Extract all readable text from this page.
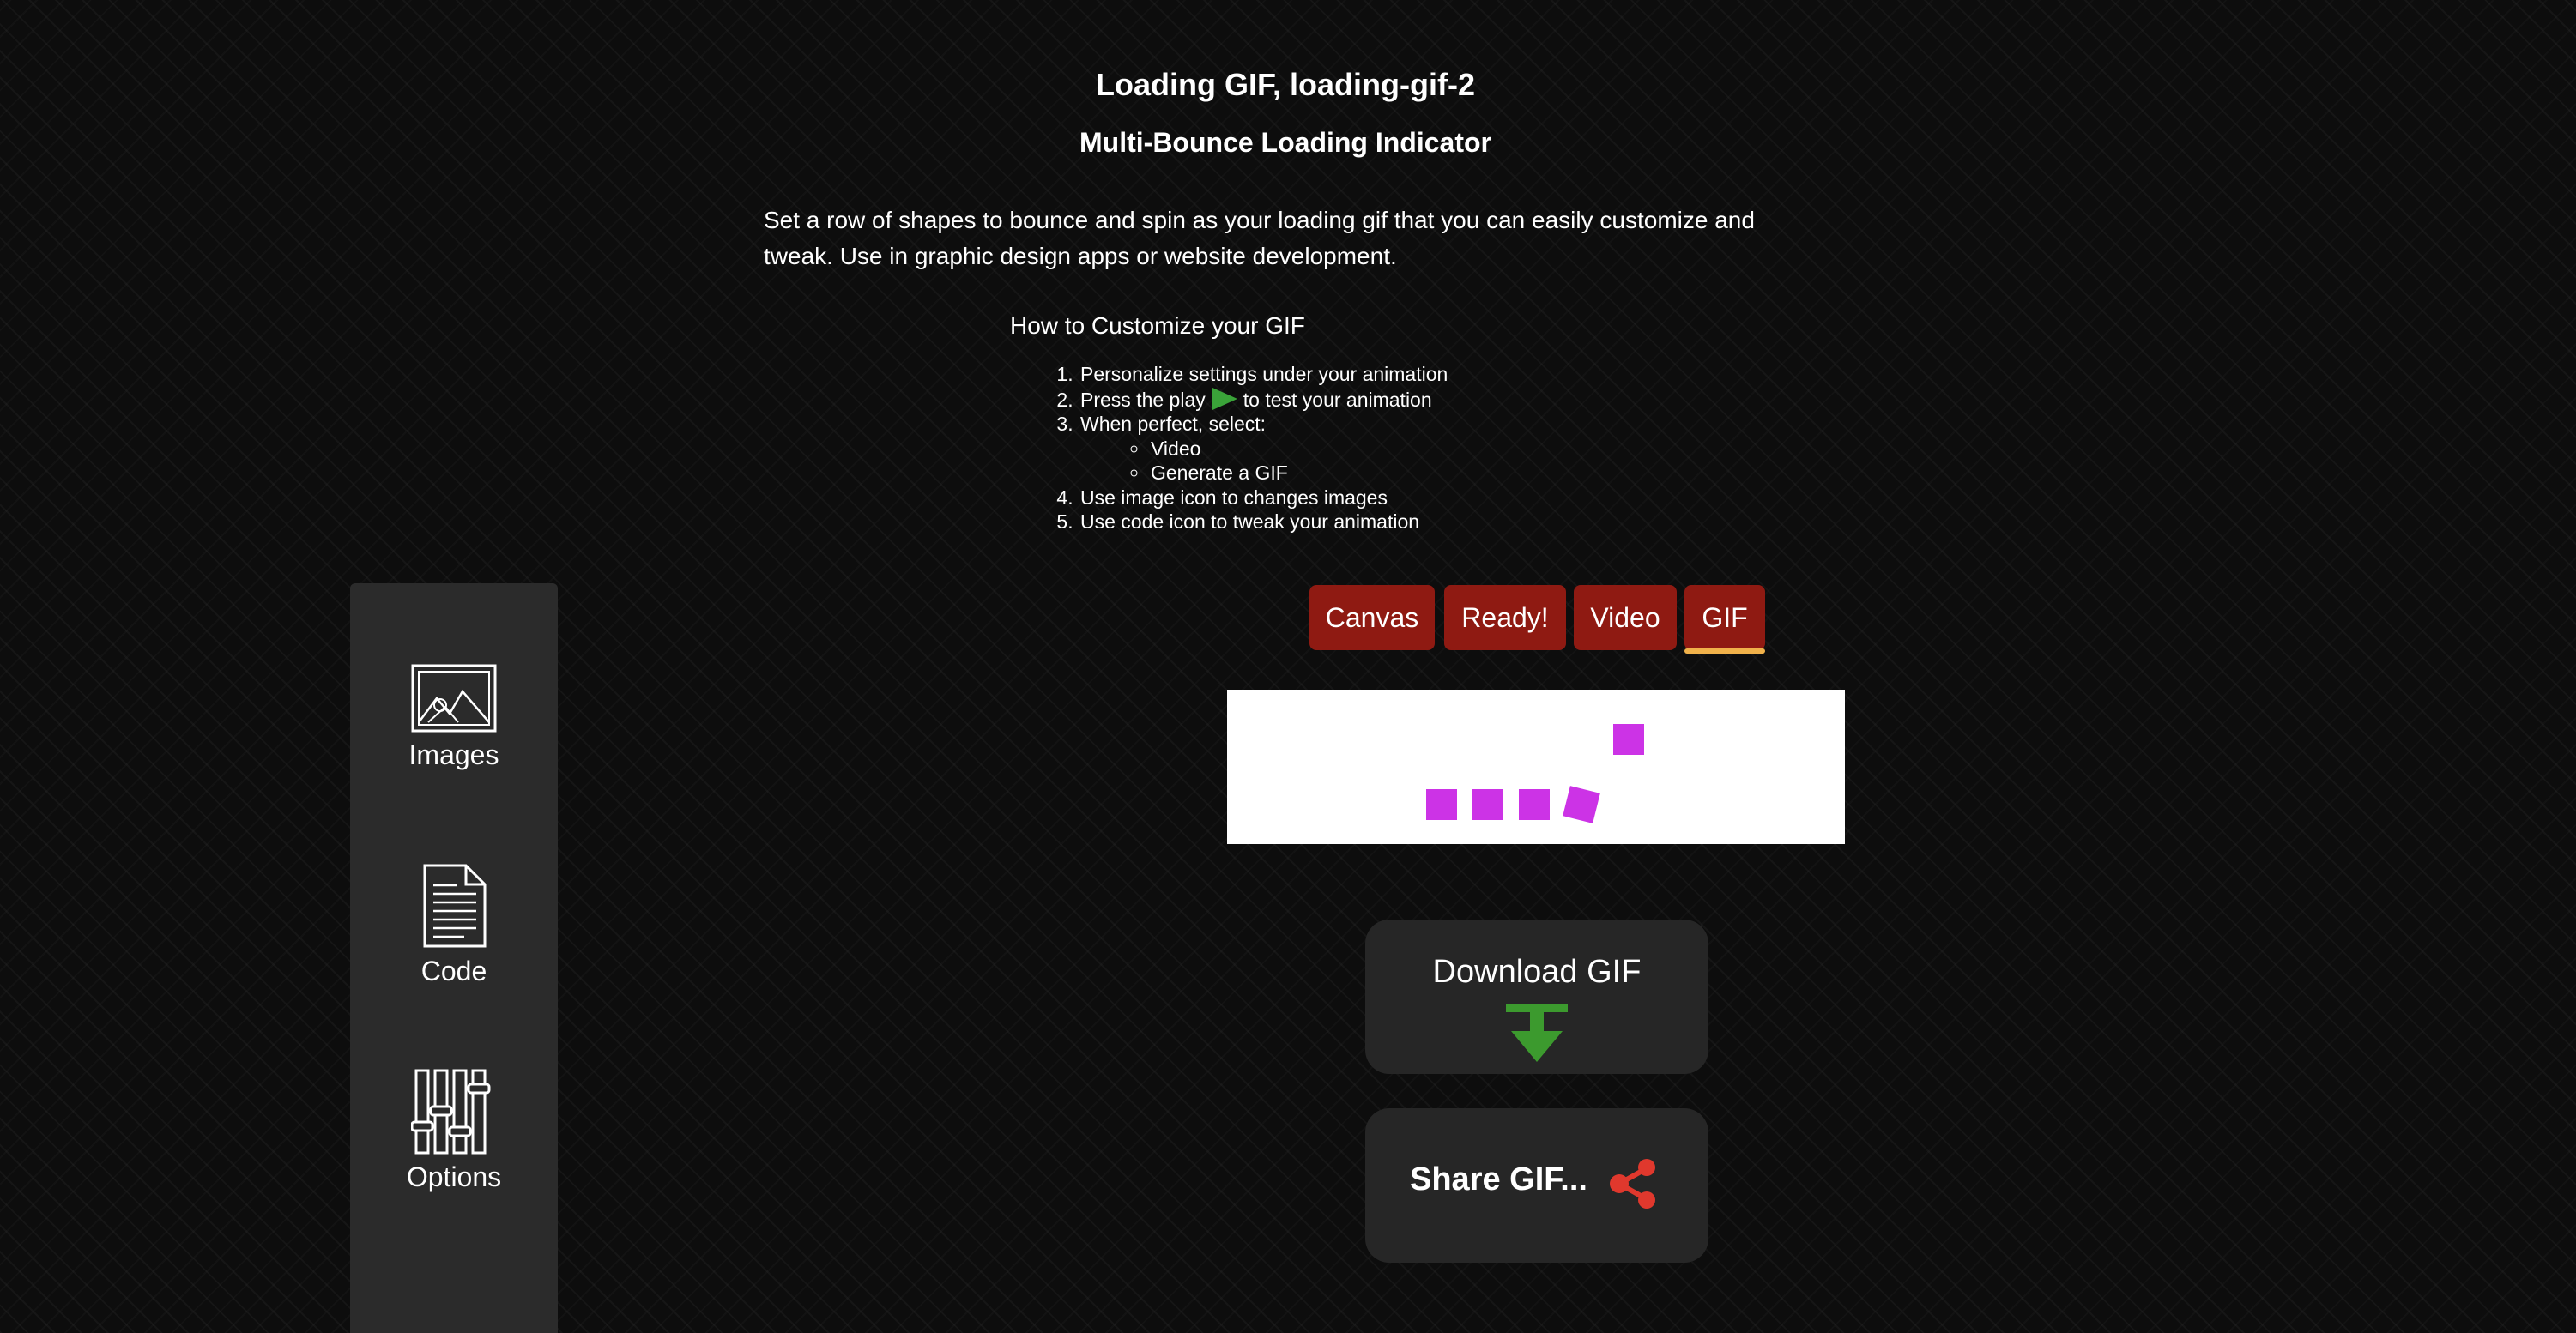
Loading GIF, loading-gif-2
Multi-Bounce Loading Indicator
Set a row of shapes to bounce and spin as your loading gif that you can easily customize and tweak. Use in graphic design apps or website development.
How to Customize your GIF
1. Personalize settings under your animation
2. Press the play to test your animation
3. When perfect, select:
◦ Video
◦ Generate a GIF
4. Use image icon to changes images
5. Use code icon to tweak your animation
Images
Code
Options
Canvas	Ready!	Video	GIF
Download GIF
Share GIF...
